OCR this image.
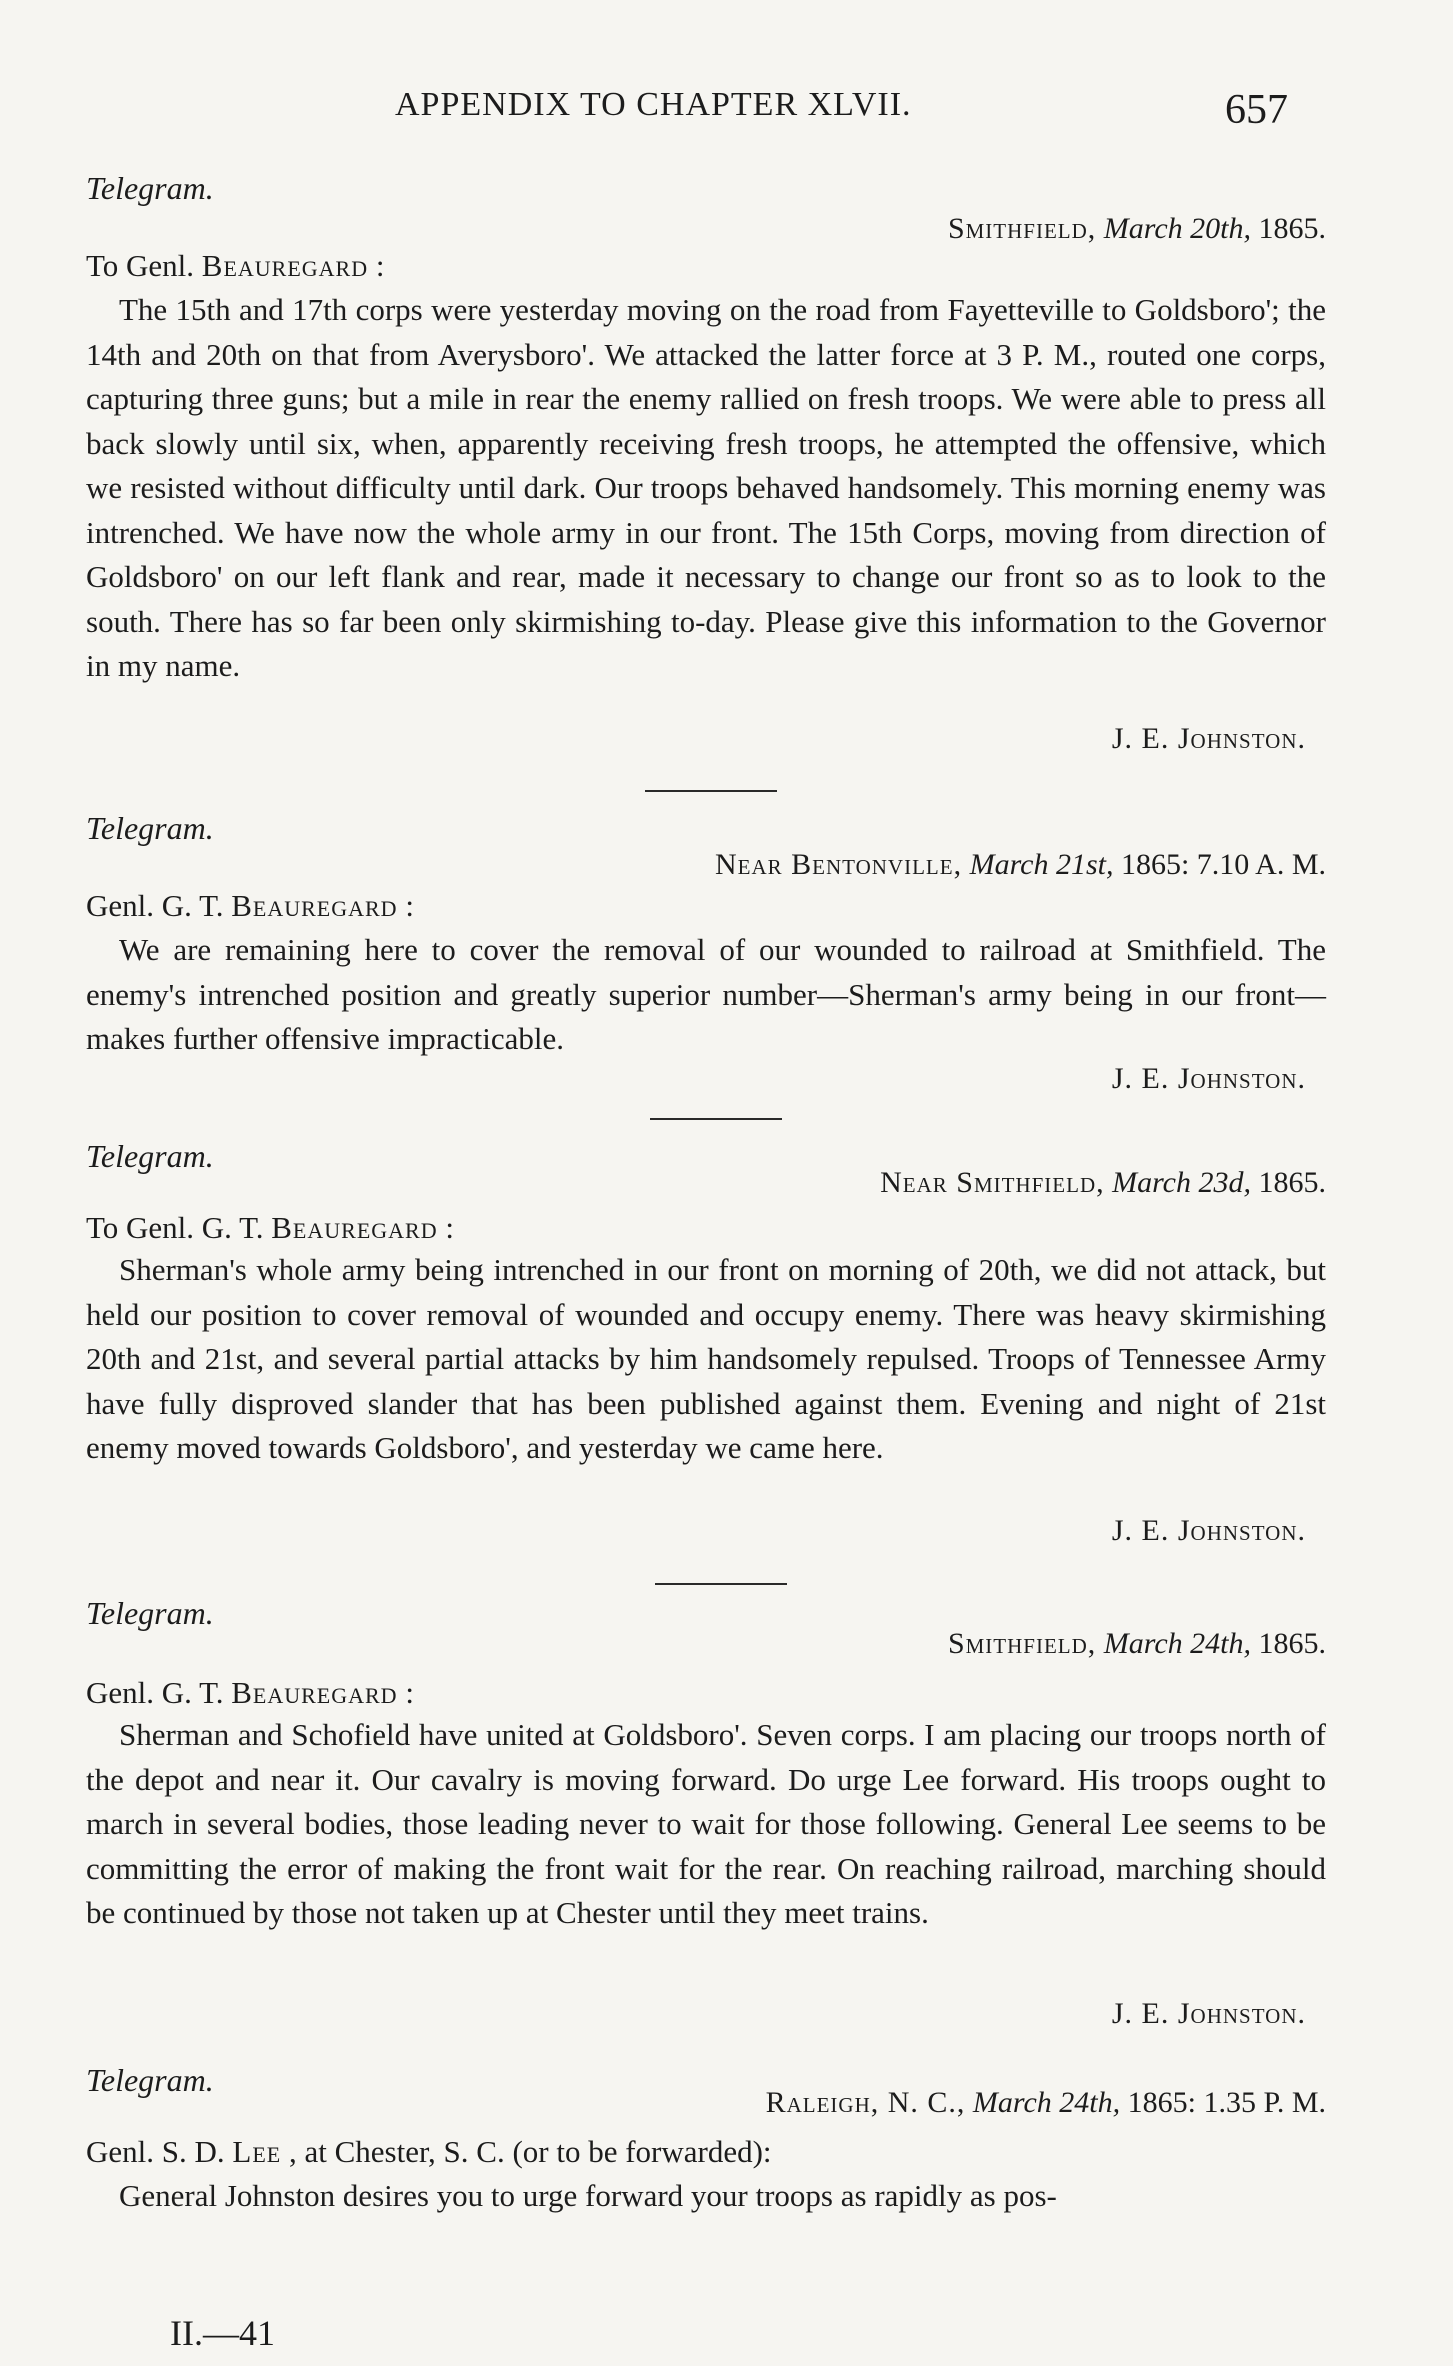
APPENDIX TO CHAPTER XLVII.	657
Telegram.
Smithfield, March 20th, 1865.
To Genl. Beauregard :
The 15th and 17th corps were yesterday moving on the road from Fayetteville to Goldsboro'; the 14th and 20th on that from Averysboro'. We attacked the latter force at 3 P. M., routed one corps, capturing three guns; but a mile in rear the enemy rallied on fresh troops. We were able to press all back slowly until six, when, apparently receiving fresh troops, he attempted the offensive, which we resisted without difficulty until dark. Our troops behaved handsomely. This morning enemy was intrenched. We have now the whole army in our front. The 15th Corps, moving from direction of Goldsboro' on our left flank and rear, made it necessary to change our front so as to look to the south. There has so far been only skirmishing to-day. Please give this information to the Governor in my name.
J. E. Johnston.
Telegram.
Near Bentonville, March 21st, 1865: 7.10 A. M.
Genl. G. T. Beauregard :
We are remaining here to cover the removal of our wounded to railroad at Smithfield. The enemy's intrenched position and greatly superior number—Sherman's army being in our front—makes further offensive impracticable.
J. E. Johnston.
Telegram.
Near Smithfield, March 23d, 1865.
To Genl. G. T. Beauregard :
Sherman's whole army being intrenched in our front on morning of 20th, we did not attack, but held our position to cover removal of wounded and occupy enemy. There was heavy skirmishing 20th and 21st, and several partial attacks by him handsomely repulsed. Troops of Tennessee Army have fully disproved slander that has been published against them. Evening and night of 21st enemy moved towards Goldsboro', and yesterday we came here.
J. E. Johnston.
Telegram.
Smithfield, March 24th, 1865.
Genl. G. T. Beauregard :
Sherman and Schofield have united at Goldsboro'. Seven corps. I am placing our troops north of the depot and near it. Our cavalry is moving forward. Do urge Lee forward. His troops ought to march in several bodies, those leading never to wait for those following. General Lee seems to be committing the error of making the front wait for the rear. On reaching railroad, marching should be continued by those not taken up at Chester until they meet trains.
J. E. Johnston.
Telegram.
Raleigh, N. C., March 24th, 1865: 1.35 P. M.
Genl. S. D. Lee , at Chester, S. C. (or to be forwarded):
General Johnston desires you to urge forward your troops as rapidly as pos-
II.—41
